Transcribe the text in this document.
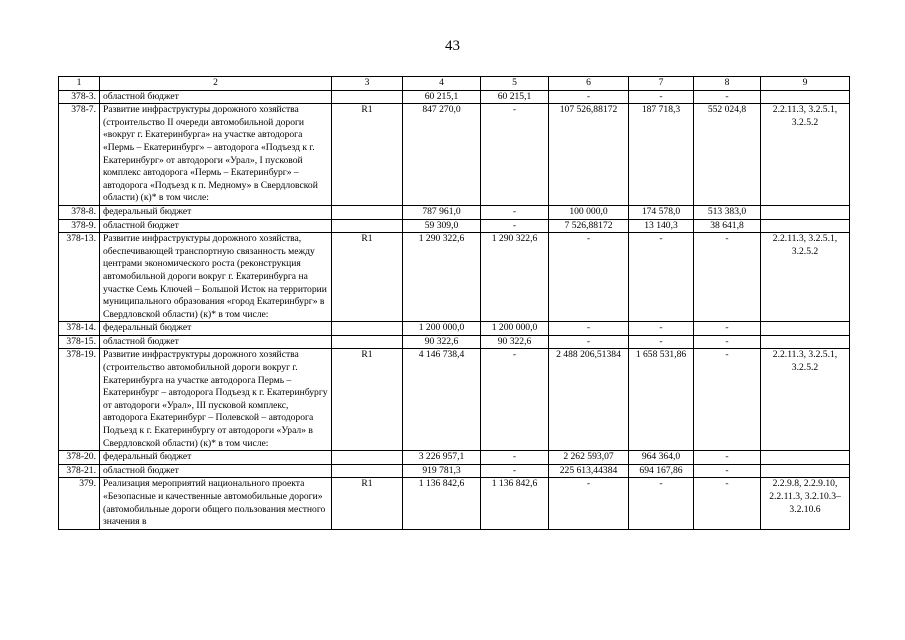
43
1	2	3	4	5	6	7	8	9
378-3.	областной бюджет		60 215,1	60 215,1	-	-	-	
378-7.	Развитие инфраструктуры дорожного хозяйства (строительство II очереди автомобильной дороги «вокруг г. Екатеринбурга» на участке автодорога «Пермь – Екатеринбург» – автодорога «Подъезд к г. Екатеринбург» от автодороги «Урал», I пусковой комплекс автодорога «Пермь – Екатеринбург» – автодорога «Подъезд к п. Медному» в Свердловской области) (к)* в том числе:	R1	847 270,0	-	107 526,88172	187 718,3	552 024,8	2.2.11.3, 3.2.5.1, 3.2.5.2
378-8.	федеральный бюджет		787 961,0	-	100 000,0	174 578,0	513 383,0	
378-9.	областной бюджет		59 309,0	-	7 526,88172	13 140,3	38 641,8	
378-13.	Развитие инфраструктуры дорожного хозяйства, обеспечивающей транспортную связанность между центрами экономического роста (реконструкция автомобильной дороги вокруг г. Екатеринбурга на участке Семь Ключей – Большой Исток на территории муниципального образования «город Екатеринбург» в Свердловской области) (к)* в том числе:	R1	1 290 322,6	1 290 322,6	-	-	-	2.2.11.3, 3.2.5.1, 3.2.5.2
378-14.	федеральный бюджет		1 200 000,0	1 200 000,0	-	-	-	
378-15.	областной бюджет		90 322,6	90 322,6	-	-	-	
378-19.	Развитие инфраструктуры дорожного хозяйства (строительство автомобильной дороги вокруг г. Екатеринбурга на участке автодорога Пермь – Екатеринбург – автодорога Подъезд к г. Екатеринбургу от автодороги «Урал», III пусковой комплекс, автодорога Екатеринбург – Полевской – автодорога Подъезд к г. Екатеринбургу от автодороги «Урал» в Свердловской области) (к)* в том числе:	R1	4 146 738,4	-	2 488 206,51384	1 658 531,86	-	2.2.11.3, 3.2.5.1, 3.2.5.2
378-20.	федеральный бюджет		3 226 957,1	-	2 262 593,07	964 364,0	-	
378-21.	областной бюджет		919 781,3	-	225 613,44384	694 167,86	-	
379.	Реализация мероприятий национального проекта «Безопасные и качественные автомобильные дороги» (автомобильные дороги общего пользования местного значения в	R1	1 136 842,6	1 136 842,6	-	-	-	2.2.9.8, 2.2.9.10, 2.2.11.3, 3.2.10.3–3.2.10.6
